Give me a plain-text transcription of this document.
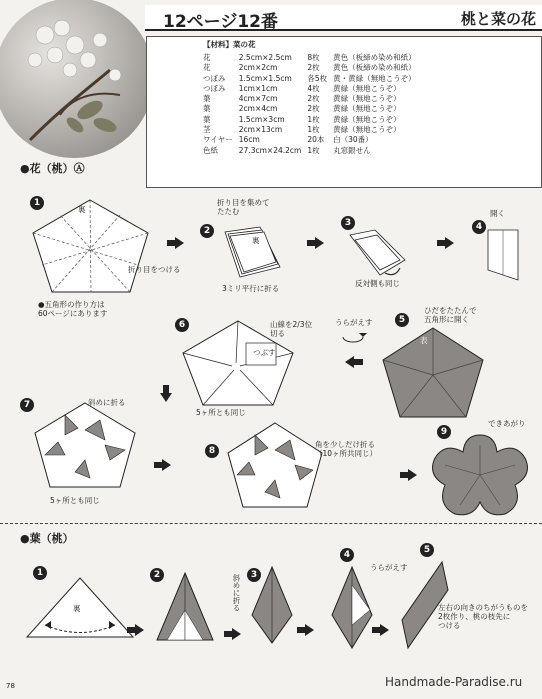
12ページ12番	桃と菜の花
【材料】菜の花
花	2.5cm×2.5cm	8枚	黄色（板締め染め和紙）
花	2cm×2cm	2枚	黄色（板締め染め和紙）
つぼみ	1.5cm×1.5cm	各5枚	黄・黄緑（無地こうぞ）
つぼみ	1cm×1cm	4枚	黄緑（無地こうぞ）
葉	4cm×7cm	2枚	黄緑（無地こうぞ）
葉	2cm×4cm	2枚	黄緑（無地こうぞ）
葉	1.5cm×3cm	1枚	黄緑（無地こうぞ）
茎	2cm×13cm	1枚	黄緑（無地こうぞ）
ワイヤー	16cm	20本	白（30番）
色紙	27.3cm×24.2cm	1枚	丸窓銀せん
●花（桃）Ⓐ
裏
折り目をつける
●五角形の作り方は
60ページにあります
折り目を集めて
たたむ
裏
3ミリ平行に折る
反対側も同じ
開く
ひだをたたんで
五角形に開く
表
山線を2/3位
切る
つぶす
5ヶ所とも同じ
うらがえす
斜めに折る
5ヶ所とも同じ
角を少しだけ折る
（10ヶ所共同じ）
できあがり
●葉（桃）
裏	斜めに折る
うらがえす
左右の向きのちがうものを
2枚作り、桃の枝先に
つける
1
2
3	4
5
6
7
8
9
1	2	3
4	5
78	Handmade-Paradise.ru
